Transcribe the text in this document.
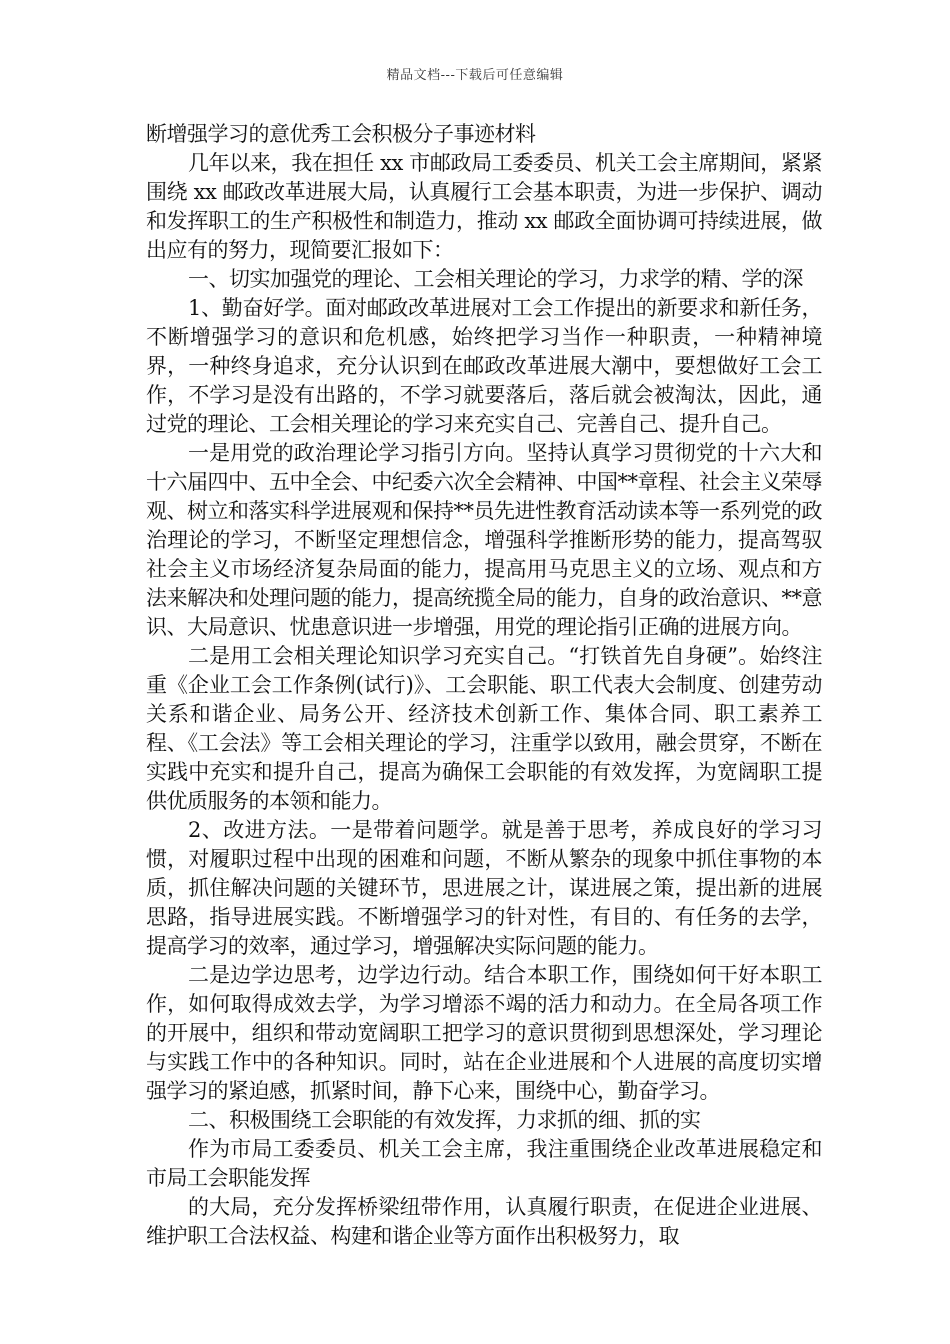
精品文档---下载后可任意编辑
断增强学习的意优秀工会积极分子事迹材料

几年以来，我在担任 xx 市邮政局工委委员、机关工会主席期间，紧紧围绕 xx 邮政改革进展大局，认真履行工会基本职责，为进一步保护、调动和发挥职工的生产积极性和制造力，推动 xx 邮政全面协调可持续进展，做出应有的努力，现简要汇报如下：

一、切实加强党的理论、工会相关理论的学习，力求学的精、学的深

1、勤奋好学。面对邮政改革进展对工会工作提出的新要求和新任务，不断增强学习的意识和危机感，始终把学习当作一种职责，一种精神境界，一种终身追求，充分认识到在邮政改革进展大潮中，要想做好工会工作，不学习是没有出路的，不学习就要落后，落后就会被淘汰，因此，通过党的理论、工会相关理论的学习来充实自己、完善自己、提升自己。

一是用党的政治理论学习指引方向。坚持认真学习贯彻党的十六大和十六届四中、五中全会、中纪委六次全会精神、中国**章程、社会主义荣辱观、树立和落实科学进展观和保持**员先进性教育活动读本等一系列党的政治理论的学习，不断坚定理想信念，增强科学推断形势的能力，提高驾驭社会主义市场经济复杂局面的能力，提高用马克思主义的立场、观点和方法来解决和处理问题的能力，提高统揽全局的能力，自身的政治意识、**意识、大局意识、忧患意识进一步增强，用党的理论指引正确的进展方向。

二是用工会相关理论知识学习充实自己。“打铁首先自身硬”。始终注重《企业工会工作条例(试行)》、工会职能、职工代表大会制度、创建劳动关系和谐企业、局务公开、经济技术创新工作、集体合同、职工素养工程、《工会法》等工会相关理论的学习，注重学以致用，融会贯穿，不断在实践中充实和提升自己，提高为确保工会职能的有效发挥，为宽阔职工提供优质服务的本领和能力。

2、改进方法。一是带着问题学。就是善于思考，养成良好的学习习惯，对履职过程中出现的困难和问题，不断从繁杂的现象中抓住事物的本质，抓住解决问题的关键环节，思进展之计，谋进展之策，提出新的进展思路，指导进展实践。不断增强学习的针对性，有目的、有任务的去学，提高学习的效率，通过学习，增强解决实际问题的能力。

二是边学边思考，边学边行动。结合本职工作，围绕如何干好本职工作，如何取得成效去学，为学习增添不竭的活力和动力。在全局各项工作的开展中，组织和带动宽阔职工把学习的意识贯彻到思想深处，学习理论与实践工作中的各种知识。同时，站在企业进展和个人进展的高度切实增强学习的紧迫感，抓紧时间，静下心来，围绕中心，勤奋学习。

二、积极围绕工会职能的有效发挥，力求抓的细、抓的实

作为市局工委委员、机关工会主席，我注重围绕企业改革进展稳定和市局工会职能发挥

的大局，充分发挥桥梁纽带作用，认真履行职责，在促进企业进展、维护职工合法权益、构建和谐企业等方面作出积极努力，取
